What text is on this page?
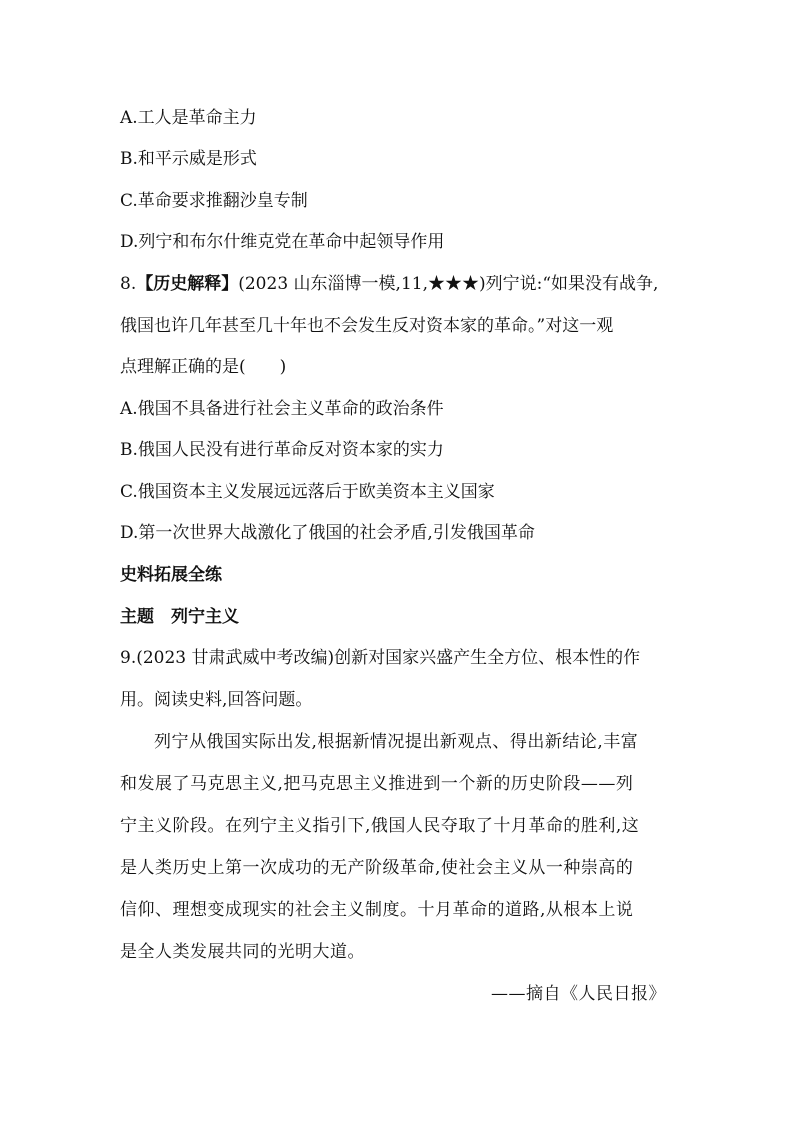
A.工人是革命主力

B.和平示威是形式

C.革命要求推翻沙皇专制

D.列宁和布尔什维克党在革命中起领导作用

8.【历史解释】(2023 山东淄博一模,11,★★★)列宁说:“如果没有战争,

俄国也许几年甚至几十年也不会发生反对资本家的革命。”对这一观

点理解正确的是(　　)

A.俄国不具备进行社会主义革命的政治条件

B.俄国人民没有进行革命反对资本家的实力

C.俄国资本主义发展远远落后于欧美资本主义国家

D.第一次世界大战激化了俄国的社会矛盾,引发俄国革命

史料拓展全练

主题　列宁主义

9.(2023 甘肃武威中考改编)创新对国家兴盛产生全方位、根本性的作

用。阅读史料,回答问题。

列宁从俄国实际出发,根据新情况提出新观点、得出新结论,丰富

和发展了马克思主义,把马克思主义推进到一个新的历史阶段——列

宁主义阶段。在列宁主义指引下,俄国人民夺取了十月革命的胜利,这

是人类历史上第一次成功的无产阶级革命,使社会主义从一种崇高的

信仰、理想变成现实的社会主义制度。十月革命的道路,从根本上说

是全人类发展共同的光明大道。

——摘自《人民日报》
